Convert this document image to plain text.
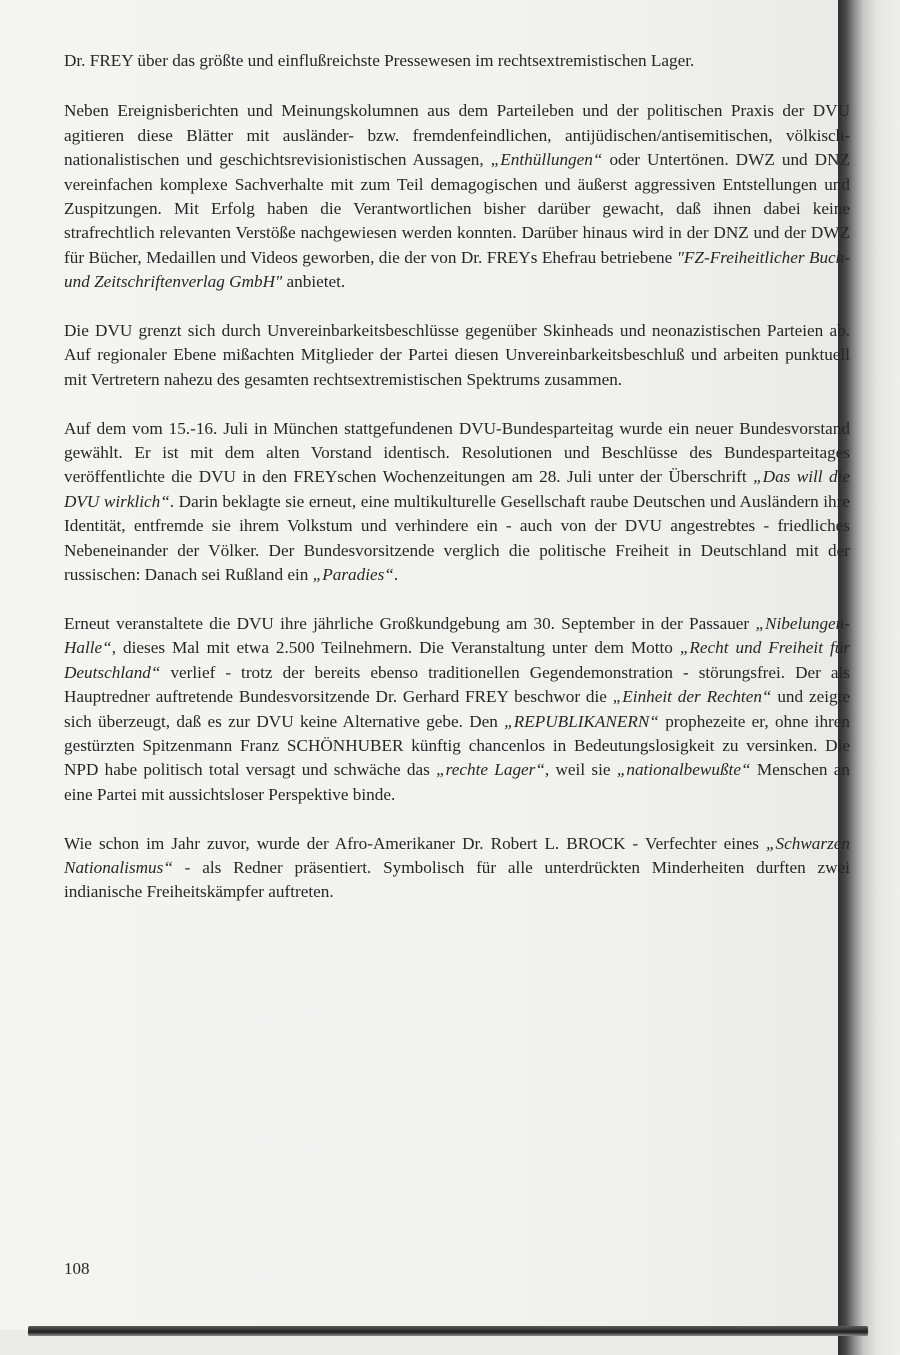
Dr. FREY über das größte und einflußreichste Pressewesen im rechtsextremistischen Lager.

Neben Ereignisberichten und Meinungskolumnen aus dem Parteileben und der politischen Praxis der DVU agitieren diese Blätter mit ausländer- bzw. fremdenfeindlichen, antijüdischen/antisemitischen, völkisch-nationalistischen und geschichtsrevisionistischen Aussagen, „Enthüllungen“ oder Untertönen. DWZ und DNZ vereinfachen komplexe Sachverhalte mit zum Teil demagogischen und äußerst aggressiven Entstellungen und Zuspitzungen. Mit Erfolg haben die Verantwortlichen bisher darüber gewacht, daß ihnen dabei keine strafrechtlich relevanten Verstöße nachgewiesen werden konnten. Darüber hinaus wird in der DNZ und der DWZ für Bücher, Medaillen und Videos geworben, die der von Dr. FREYs Ehefrau betriebene "FZ-Freiheitlicher Buch- und Zeitschriftenverlag GmbH" anbietet.

Die DVU grenzt sich durch Unvereinbarkeitsbeschlüsse gegenüber Skinheads und neonazistischen Parteien ab. Auf regionaler Ebene mißachten Mitglieder der Partei diesen Unvereinbarkeitsbeschluß und arbeiten punktuell mit Vertretern nahezu des gesamten rechtsextremistischen Spektrums zusammen.

Auf dem vom 15.-16. Juli in München stattgefundenen DVU-Bundesparteitag wurde ein neuer Bundesvorstand gewählt. Er ist mit dem alten Vorstand identisch. Resolutionen und Beschlüsse des Bundesparteitages veröffentlichte die DVU in den FREYschen Wochenzeitungen am 28. Juli unter der Überschrift „Das will die DVU wirklich“. Darin beklagte sie erneut, eine multikulturelle Gesellschaft raube Deutschen und Ausländern ihre Identität, entfremde sie ihrem Volkstum und verhindere ein - auch von der DVU angestrebtes - friedliches Nebeneinander der Völker. Der Bundesvorsitzende verglich die politische Freiheit in Deutschland mit der russischen: Danach sei Rußland ein „Paradies“.

Erneut veranstaltete die DVU ihre jährliche Großkundgebung am 30. September in der Passauer „Nibelungen-Halle“, dieses Mal mit etwa 2.500 Teilnehmern. Die Veranstaltung unter dem Motto „Recht und Freiheit für Deutschland“ verlief - trotz der bereits ebenso traditionellen Gegendemonstration - störungsfrei. Der als Hauptredner auftretende Bundesvorsitzende Dr. Gerhard FREY beschwor die „Einheit der Rechten“ und zeigte sich überzeugt, daß es zur DVU keine Alternative gebe. Den „REPUBLIKANERN“ prophezeite er, ohne ihren gestürzten Spitzenmann Franz SCHÖNHUBER künftig chancenlos in Bedeutungslosigkeit zu versinken. Die NPD habe politisch total versagt und schwäche das „rechte Lager“, weil sie „nationalbewußte“ Menschen an eine Partei mit aussichtsloser Perspektive binde.

Wie schon im Jahr zuvor, wurde der Afro-Amerikaner Dr. Robert L. BROCK - Verfechter eines „Schwarzen Nationalismus“ - als Redner präsentiert. Symbolisch für alle unterdrückten Minderheiten durften zwei indianische Freiheitskämpfer auftreten.

108
